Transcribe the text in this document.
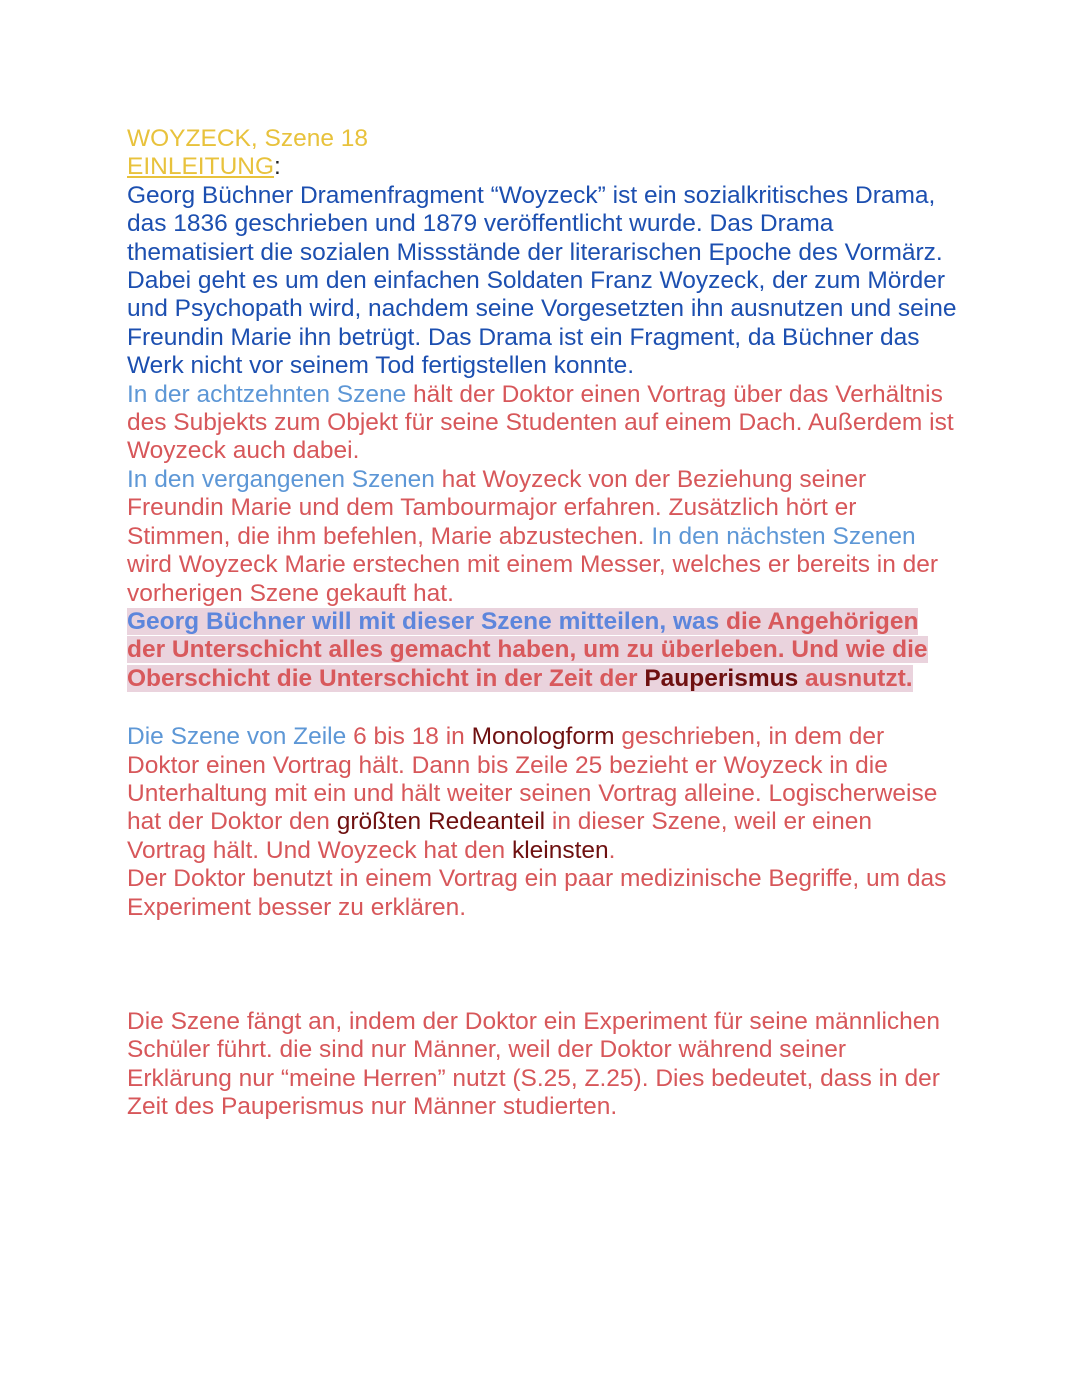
WOYZECK, Szene 18

EINLEITUNG:

Georg Büchner Dramenfragment “Woyzeck” ist ein sozialkritisches Drama, das 1836 geschrieben und 1879 veröffentlicht wurde. Das Drama thematisiert die sozialen Missstände der literarischen Epoche des Vormärz. Dabei geht es um den einfachen Soldaten Franz Woyzeck, der zum Mörder und Psychopath wird, nachdem seine Vorgesetzten ihn ausnutzen und seine Freundin Marie ihn betrügt. Das Drama ist ein Fragment, da Büchner das Werk nicht vor seinem Tod fertigstellen konnte.

In der achtzehnten Szene hält der Doktor einen Vortrag über das Verhältnis des Subjekts zum Objekt für seine Studenten auf einem Dach. Außerdem ist Woyzeck auch dabei.

In den vergangenen Szenen hat Woyzeck von der Beziehung seiner Freundin Marie und dem Tambourmajor erfahren. Zusätzlich hört er Stimmen, die ihm befehlen, Marie abzustechen. In den nächsten Szenen wird Woyzeck Marie erstechen mit einem Messer, welches er bereits in der vorherigen Szene gekauft hat.

Georg Büchner will mit dieser Szene mitteilen, was die Angehörigen der Unterschicht alles gemacht haben, um zu überleben. Und wie die Oberschicht die Unterschicht in der Zeit der Pauperismus ausnutzt.

Die Szene von Zeile 6 bis 18 in Monologform geschrieben, in dem der Doktor einen Vortrag hält. Dann bis Zeile 25 bezieht er Woyzeck in die Unterhaltung mit ein und hält weiter seinen Vortrag alleine. Logischerweise hat der Doktor den größten Redeanteil in dieser Szene, weil er einen Vortrag hält. Und Woyzeck hat den kleinsten.

Der Doktor benutzt in einem Vortrag ein paar medizinische Begriffe, um das Experiment besser zu erklären.

Die Szene fängt an, indem der Doktor ein Experiment für seine männlichen Schüler führt. die sind nur Männer, weil der Doktor während seiner Erklärung nur “meine Herren” nutzt (S.25, Z.25). Dies bedeutet, dass in der Zeit des Pauperismus nur Männer studierten.
